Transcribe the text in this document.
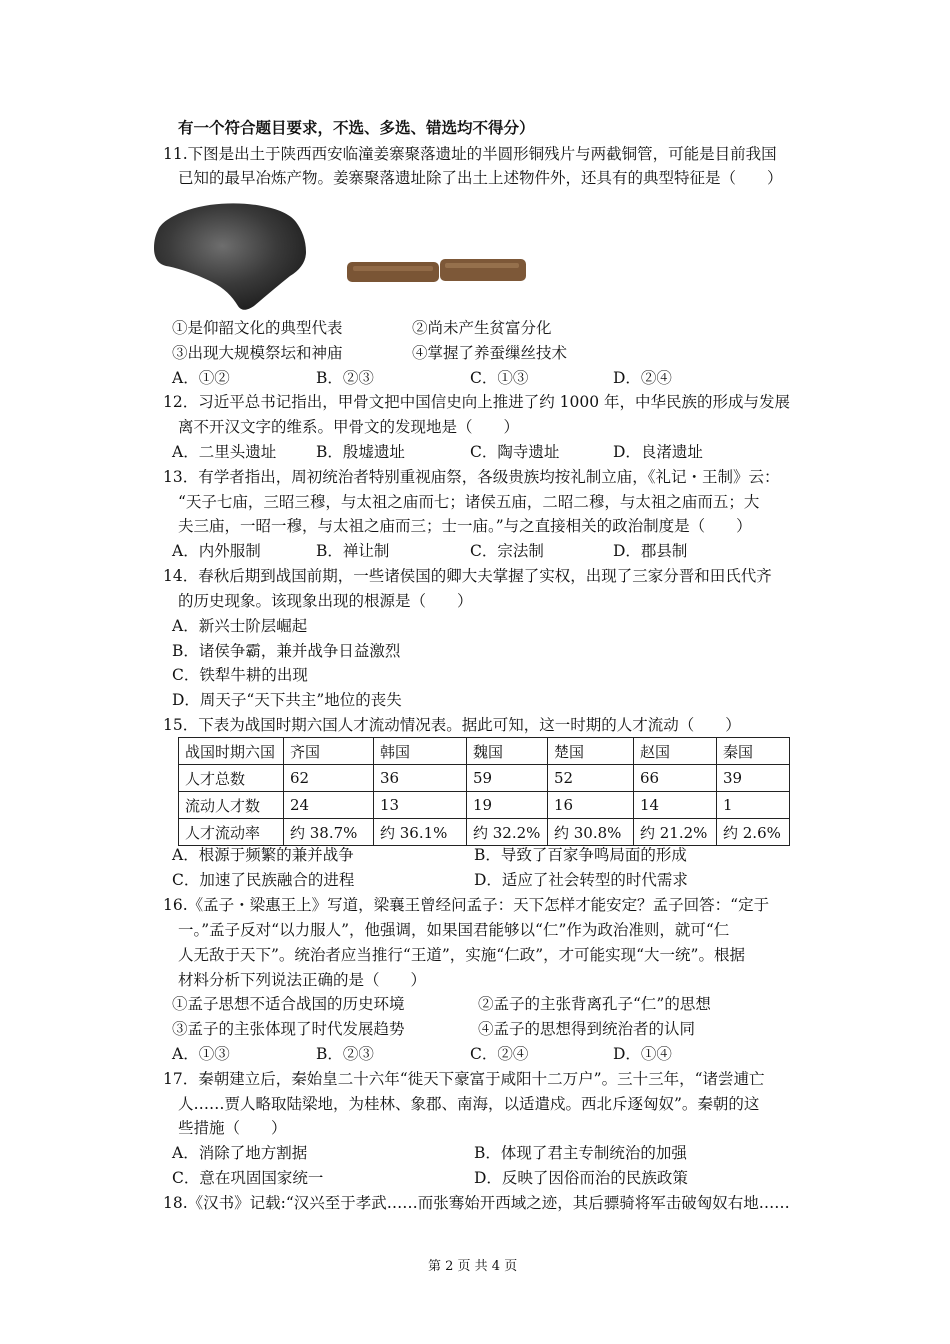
有一个符合题目要求，不选、多选、错选均不得分）
11.下图是出土于陕西西安临潼姜寨聚落遗址的半圆形铜残片与两截铜管，可能是目前我国
已知的最早冶炼产物。姜寨聚落遗址除了出土上述物件外，还具有的典型特征是（　　）
①是仰韶文化的典型代表	②尚未产生贫富分化
③出现大规模祭坛和神庙	④掌握了养蚕缫丝技术
A．①②	B．②③	C．①③	D．②④
12．习近平总书记指出，甲骨文把中国信史向上推进了约 1000 年，中华民族的形成与发展
离不开汉文字的维系。甲骨文的发现地是（　　）
A．二里头遗址	B．殷墟遗址	C．陶寺遗址	D．良渚遗址
13．有学者指出，周初统治者特别重视庙祭，各级贵族均按礼制立庙，《礼记・王制》云：
“天子七庙，三昭三穆，与太祖之庙而七；诸侯五庙，二昭二穆，与太祖之庙而五；大
夫三庙，一昭一穆，与太祖之庙而三；士一庙。”与之直接相关的政治制度是（　　）
A．内外服制	B．禅让制	C．宗法制	D．郡县制
14．春秋后期到战国前期，一些诸侯国的卿大夫掌握了实权，出现了三家分晋和田氏代齐
的历史现象。该现象出现的根源是（　　）
A．新兴士阶层崛起
B．诸侯争霸，兼并战争日益激烈
C．铁犁牛耕的出现
D．周天子“天下共主”地位的丧失
15．下表为战国时期六国人才流动情况表。据此可知，这一时期的人才流动（　　）
战国时期六国	齐国	韩国	魏国	楚国	赵国	秦国
人才总数	62	36	59	52	66	39
流动人才数	24	13	19	16	14	1
人才流动率	约 38.7%	约 36.1%	约 32.2%	约 30.8%	约 21.2%	约 2.6%
A．根源于频繁的兼并战争	B．导致了百家争鸣局面的形成
C．加速了民族融合的进程	D．适应了社会转型的时代需求
16.《孟子・梁惠王上》写道，梁襄王曾经问孟子：天下怎样才能安定？孟子回答：“定于
一。”孟子反对“以力服人”，他强调，如果国君能够以“仁”作为政治准则，就可“仁
人无敌于天下”。统治者应当推行“王道”，实施“仁政”，才可能实现“大一统”。根据
材料分析下列说法正确的是（　　）
①孟子思想不适合战国的历史环境	②孟子的主张背离孔子“仁”的思想
③孟子的主张体现了时代发展趋势	④孟子的思想得到统治者的认同
A．①③	B．②③	C．②④	D．①④
17．秦朝建立后，秦始皇二十六年“徙天下豪富于咸阳十二万户”。三十三年，“诸尝逋亡
人……贾人略取陆梁地，为桂林、象郡、南海，以适遣戍。西北斥逐匈奴”。秦朝的这
些措施（　　）
A．消除了地方割据	B．体现了君主专制统治的加强
C．意在巩固国家统一	D．反映了因俗而治的民族政策
18.《汉书》记载:“汉兴至于孝武……而张骞始开西域之迹，其后骠骑将军击破匈奴右地……
第 2 页 共 4 页
